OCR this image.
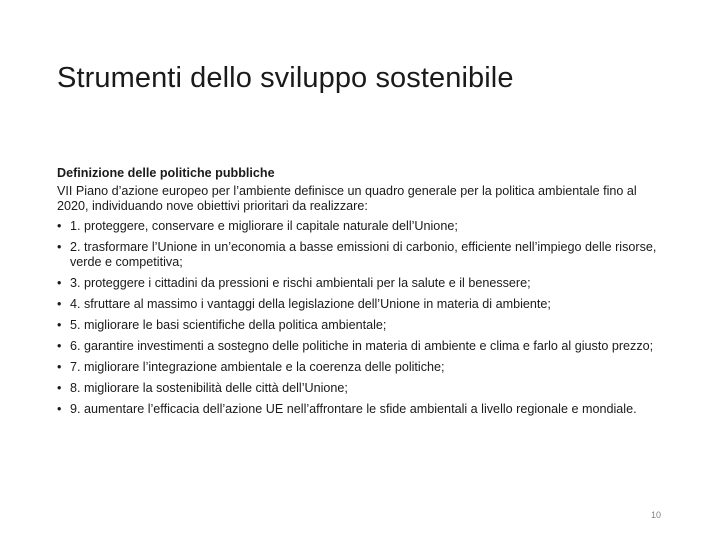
Strumenti dello sviluppo sostenibile
Definizione delle politiche pubbliche
VII Piano d’azione europeo per l’ambiente definisce un quadro generale per la politica ambientale fino al 2020, individuando nove obiettivi prioritari da realizzare:
• 1. proteggere, conservare e migliorare il capitale naturale dell’Unione;
• 2. trasformare l’Unione in un’economia a basse emissioni di carbonio, efficiente nell’impiego delle risorse, verde e competitiva;
• 3. proteggere i cittadini da pressioni e rischi ambientali per la salute e il benessere;
• 4. sfruttare al massimo i vantaggi della legislazione dell’Unione in materia di ambiente;
• 5. migliorare le basi scientifiche della politica ambientale;
• 6. garantire investimenti a sostegno delle politiche in materia di ambiente e clima e farlo al giusto prezzo;
• 7. migliorare l’integrazione ambientale e la coerenza delle politiche;
• 8. migliorare la sostenibilità delle città dell’Unione;
• 9. aumentare l’efficacia dell’azione UE nell’affrontare le sfide ambientali a livello regionale e mondiale.
10
